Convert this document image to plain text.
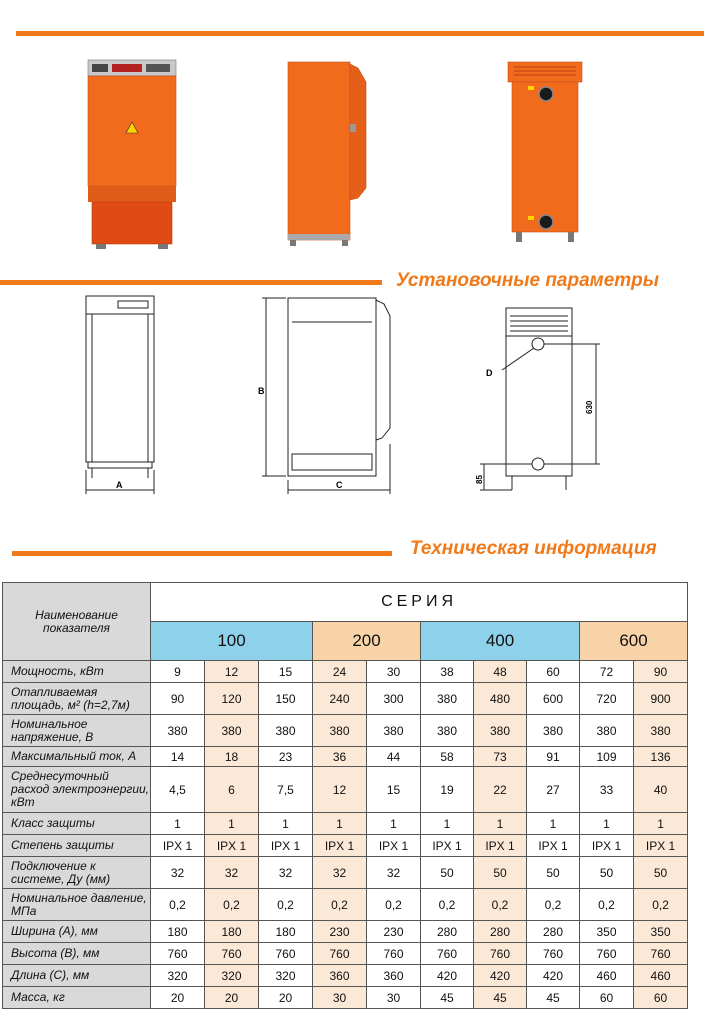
Установочные параметры
A
B
C
D
630
85
Техническая информация
Наименование показателя	СЕРИЯ									
	100			200		400			600	
Мощность, кВт	9	12	15	24	30	38	48	60	72	90
Отапливаемая площадь, м² (h=2,7м)	90	120	150	240	300	380	480	600	720	900
Номинальное напряжение, В	380	380	380	380	380	380	380	380	380	380
Максимальный ток, А	14	18	23	36	44	58	73	91	109	136
Среднесуточный расход электроэнергии, кВт	4,5	6	7,5	12	15	19	22	27	33	40
Класс защиты	1	1	1	1	1	1	1	1	1	1
Степень защиты	IPX 1	IPX 1	IPX 1	IPX 1	IPX 1	IPX 1	IPX 1	IPX 1	IPX 1	IPX 1
Подключение к системе, Ду (мм)	32	32	32	32	32	50	50	50	50	50
Номинальное давление, МПа	0,2	0,2	0,2	0,2	0,2	0,2	0,2	0,2	0,2	0,2
Ширина (А), мм	180	180	180	230	230	280	280	280	350	350
Высота (В), мм	760	760	760	760	760	760	760	760	760	760
Длина (С), мм	320	320	320	360	360	420	420	420	460	460
Масса, кг	20	20	20	30	30	45	45	45	60	60
